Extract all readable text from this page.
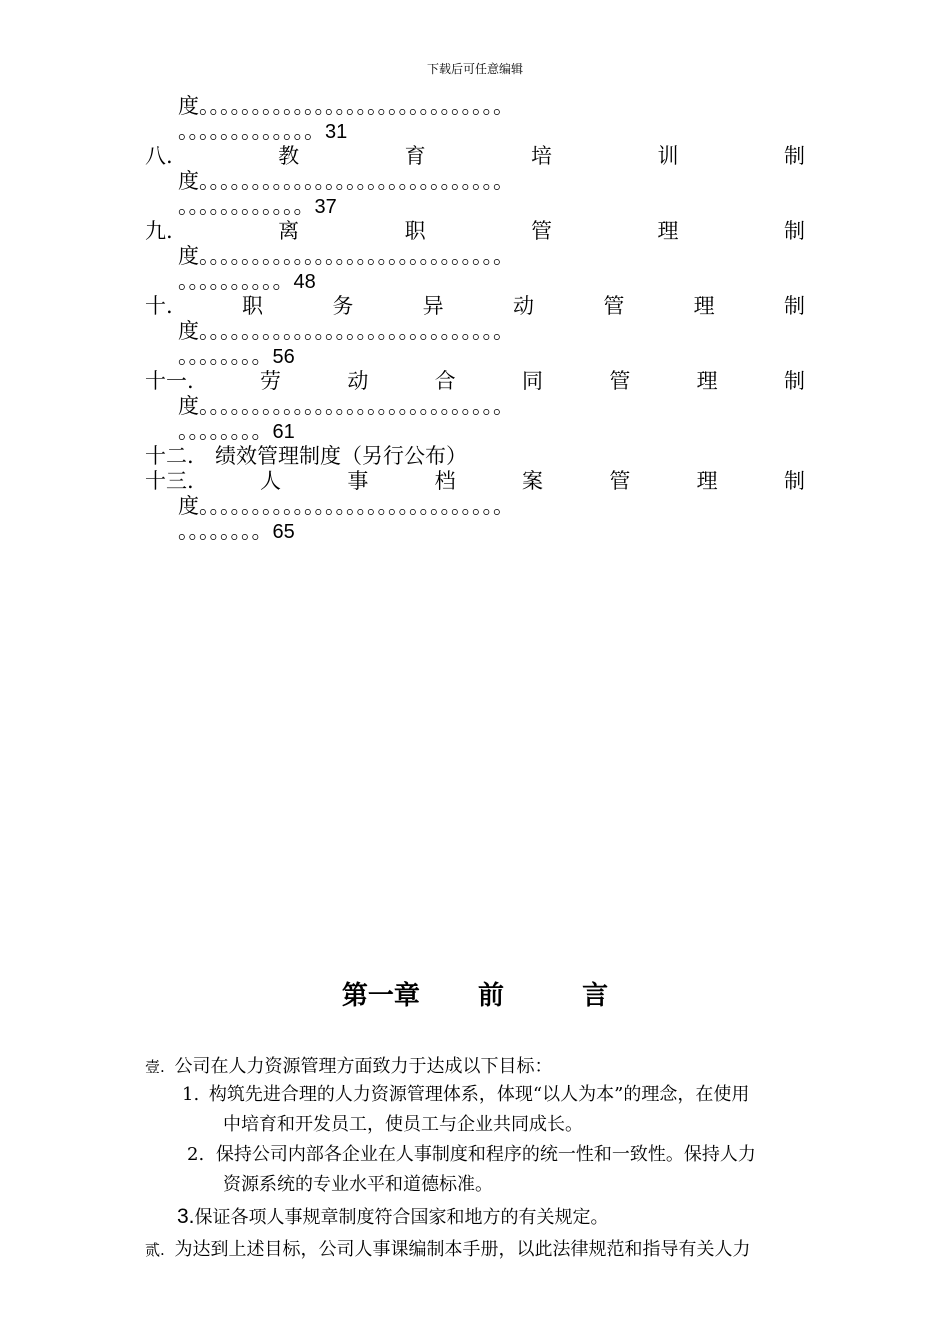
下载后可任意编辑
度。。。。。。。。。。。。。。。。。。。。。。。。。。。。。
。。。。。。。。。。。。。31
八.	教	育	培	训	制
度。。。。。。。。。。。。。。。。。。。。。。。。。。。。。
。。。。。。。。。。。。37
九.	离	职	管	理	制
度。。。。。。。。。。。。。。。。。。。。。。。。。。。。。
。。。。。。。。。。48
十.	职	务	异	动	管	理	制
度。。。。。。。。。。。。。。。。。。。。。。。。。。。。。
。。。。。。。。56
十一.	劳	动	合	同	管	理	制
度。。。。。。。。。。。。。。。。。。。。。。。。。。。。。
。。。。。。。。61
十二. 绩效管理制度（另行公布）
十三.	人	事	档	案	管	理	制
度。。。。。。。。。。。。。。。。。。。。。。。。。。。。。
。。。。。。。。65
第一章 前	言
壹. 公司在人力资源管理方面致力于达成以下目标：
1. 构筑先进合理的人力资源管理体系，体现“以人为本”的理念，在使用
中培育和开发员工，使员工与企业共同成长。
2. 保持公司内部各企业在人事制度和程序的统一性和一致性。保持人力
资源系统的专业水平和道德标准。
3.保证各项人事规章制度符合国家和地方的有关规定。
贰. 为达到上述目标，公司人事课编制本手册，以此法律规范和指导有关人力
